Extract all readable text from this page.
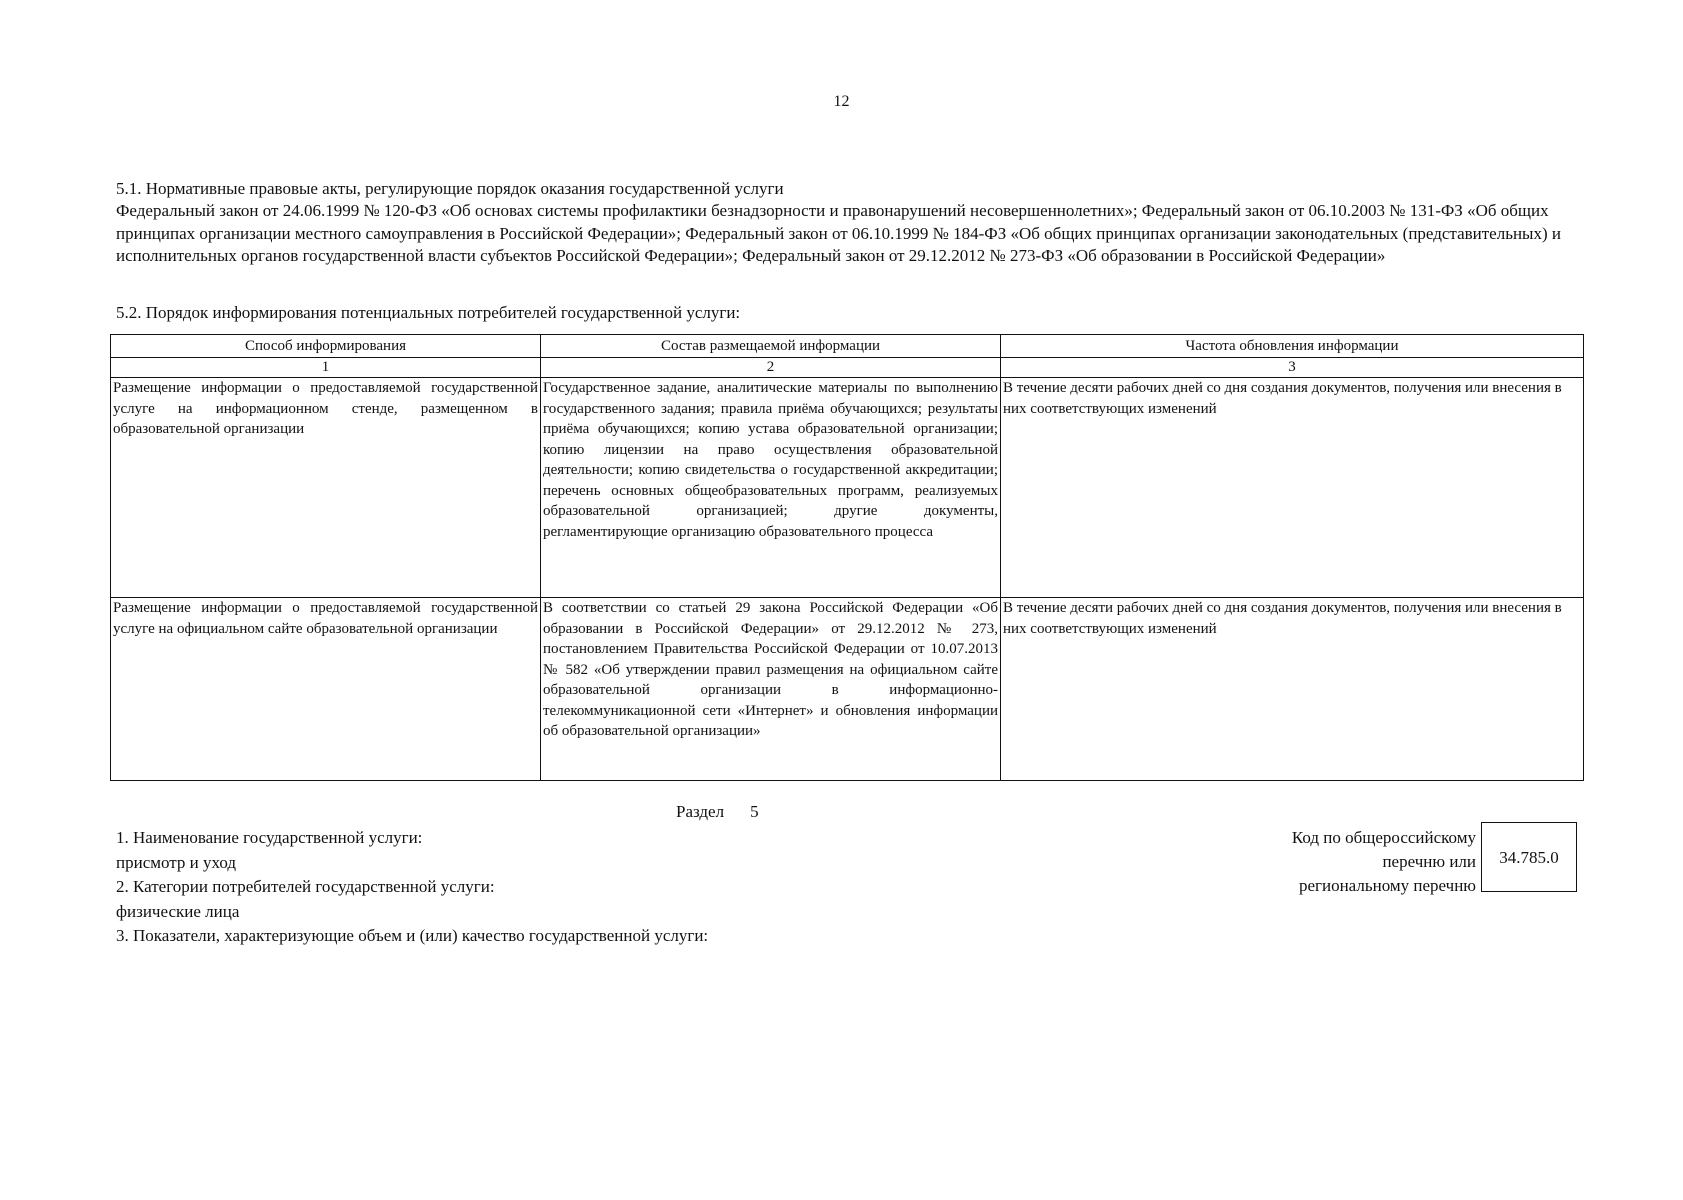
12
5.1. Нормативные правовые акты, регулирующие порядок оказания государственной услуги
Федеральный закон от 24.06.1999 № 120-ФЗ «Об основах системы профилактики безнадзорности и правонарушений несовершеннолетних»; Федеральный закон от 06.10.2003 № 131-ФЗ «Об общих принципах организации местного самоуправления в Российской Федерации»; Федеральный закон от 06.10.1999 № 184-ФЗ «Об общих принципах организации законодательных (представительных) и исполнительных органов государственной власти субъектов Российской Федерации»; Федеральный закон от 29.12.2012 № 273-ФЗ «Об образовании в Российской Федерации»
5.2. Порядок информирования потенциальных потребителей государственной услуги:
Способ информирования	Состав размещаемой информации	Частота обновления информации
1	2	3
Размещение информации о предоставляемой государственной услуге на информационном стенде, размещенном в образовательной организации	Государственное задание, аналитические материалы по выполнению государственного задания; правила приёма обучающихся; результаты приёма обучающихся; копию устава образовательной организации; копию лицензии на право осуществления образовательной деятельности; копию свидетельства о государственной аккредитации; перечень основных общеобразовательных программ, реализуемых образовательной организацией; другие документы, регламентирующие организацию образовательного процесса	В течение десяти рабочих дней со дня создания документов, получения или внесения в них соответствующих изменений
Размещение информации о предоставляемой государственной услуге на официальном сайте образовательной организации	В соответствии со статьей 29 закона Российской Федерации «Об образовании в Российской Федерации» от 29.12.2012 № 273, постановлением Правительства Российской Федерации от 10.07.2013 № 582 «Об утверждении правил размещения на официальном сайте образовательной организации в информационно-телекоммуникационной сети «Интернет» и обновления информации об образовательной организации»	В течение десяти рабочих дней со дня создания документов, получения или внесения в них соответствующих изменений
Раздел 5
1. Наименование государственной услуги:
присмотр и уход
2. Категории потребителей государственной услуги:
физические лица
3. Показатели, характеризующие объем и (или) качество государственной услуги:
Код по общероссийскому
перечню или
региональному перечню
34.785.0
